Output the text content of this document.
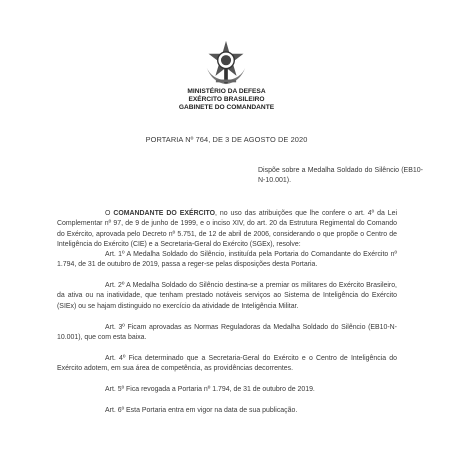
MINISTÉRIO DA DEFESA
EXÉRCITO BRASILEIRO
GABINETE DO COMANDANTE
PORTARIA Nº 764, DE 3 DE AGOSTO DE 2020
Dispõe sobre a Medalha Soldado do Silêncio (EB10-N-10.001).
O COMANDANTE DO EXÉRCITO, no uso das atribuições que lhe confere o art. 4º da Lei Complementar nº 97, de 9 de junho de 1999, e o inciso XIV, do art. 20 da Estrutura Regimental do Comando do Exército, aprovada pelo Decreto nº 5.751, de 12 de abril de 2006, considerando o que propõe o Centro de Inteligência do Exército (CIE) e a Secretaria-Geral do Exército (SGEx), resolve:
Art. 1º A Medalha Soldado do Silêncio, instituída pela Portaria do Comandante do Exército nº 1.794, de 31 de outubro de 2019, passa a reger-se pelas disposições desta Portaria.
Art. 2º A Medalha Soldado do Silêncio destina-se a premiar os militares do Exército Brasileiro, da ativa ou na inatividade, que tenham prestado notáveis serviços ao Sistema de Inteligência do Exército (SIEx) ou se hajam distinguido no exercício da atividade de Inteligência Militar.
Art. 3º Ficam aprovadas as Normas Reguladoras da Medalha Soldado do Silêncio (EB10-N-10.001), que com esta baixa.
Art. 4º Fica determinado que a Secretaria-Geral do Exército e o Centro de Inteligência do Exército adotem, em sua área de competência, as providências decorrentes.
Art. 5º Fica revogada a Portaria nº 1.794, de 31 de outubro de 2019.
Art. 6º Esta Portaria entra em vigor na data de sua publicação.
